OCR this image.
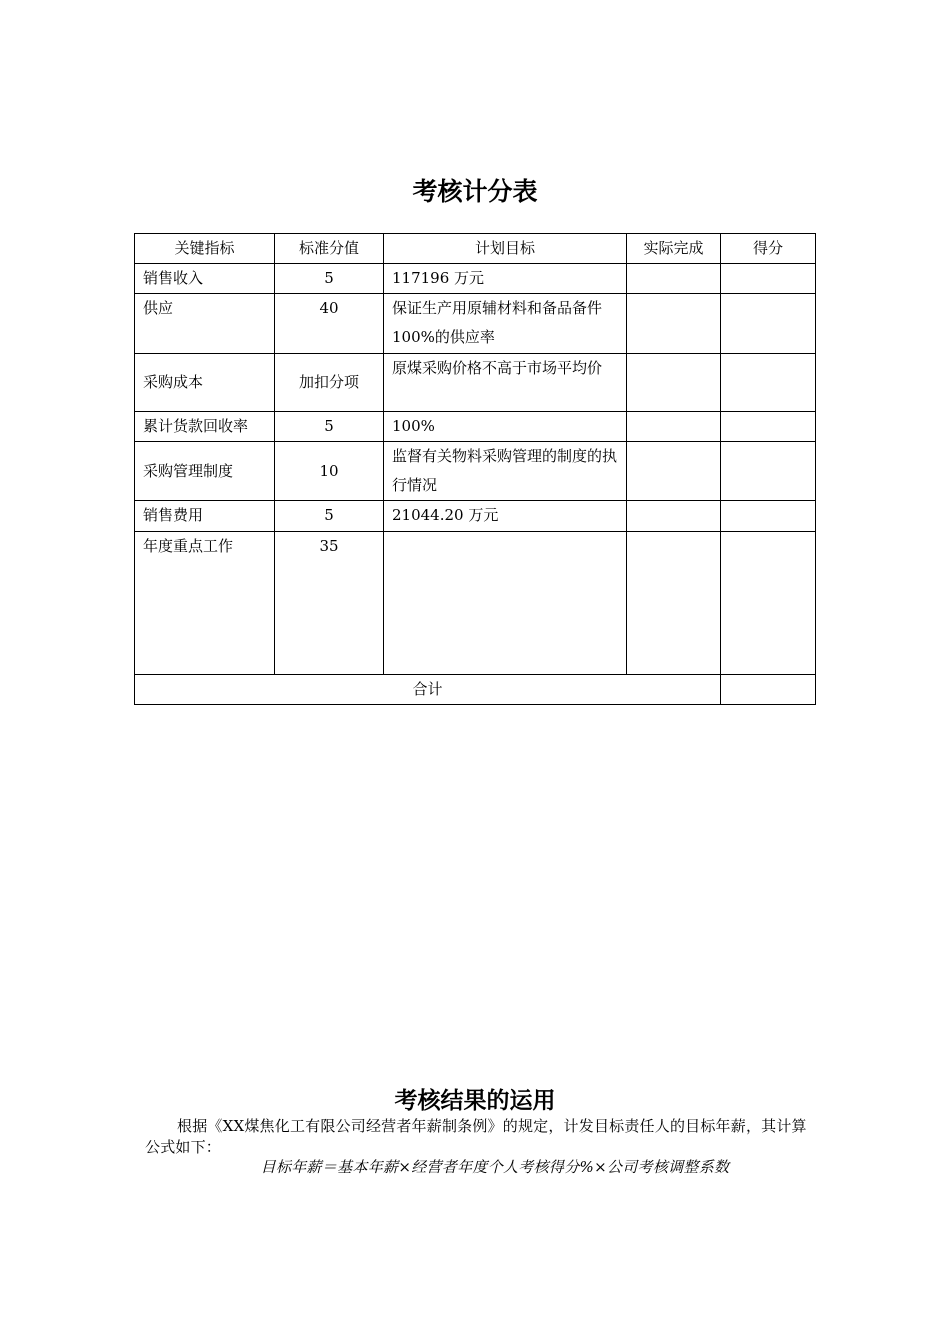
考核计分表
关键指标	标准分值	计划目标	实际完成	得分
销售收入	5	117196 万元		
供应	40	保证生产用原辅材料和备品备件100%的供应率		
采购成本	加扣分项	原煤采购价格不高于市场平均价		
累计货款回收率	5	100%		
采购管理制度	10	监督有关物料采购管理的制度的执行情况		
销售费用	5	21044.20 万元		
年度重点工作	35			
合计				
考核结果的运用
根据《XX煤焦化工有限公司经营者年薪制条例》的规定，计发目标责任人的目标年薪，其计算公式如下：
目标年薪＝基本年薪×经营者年度个人考核得分%×公司考核调整系数
